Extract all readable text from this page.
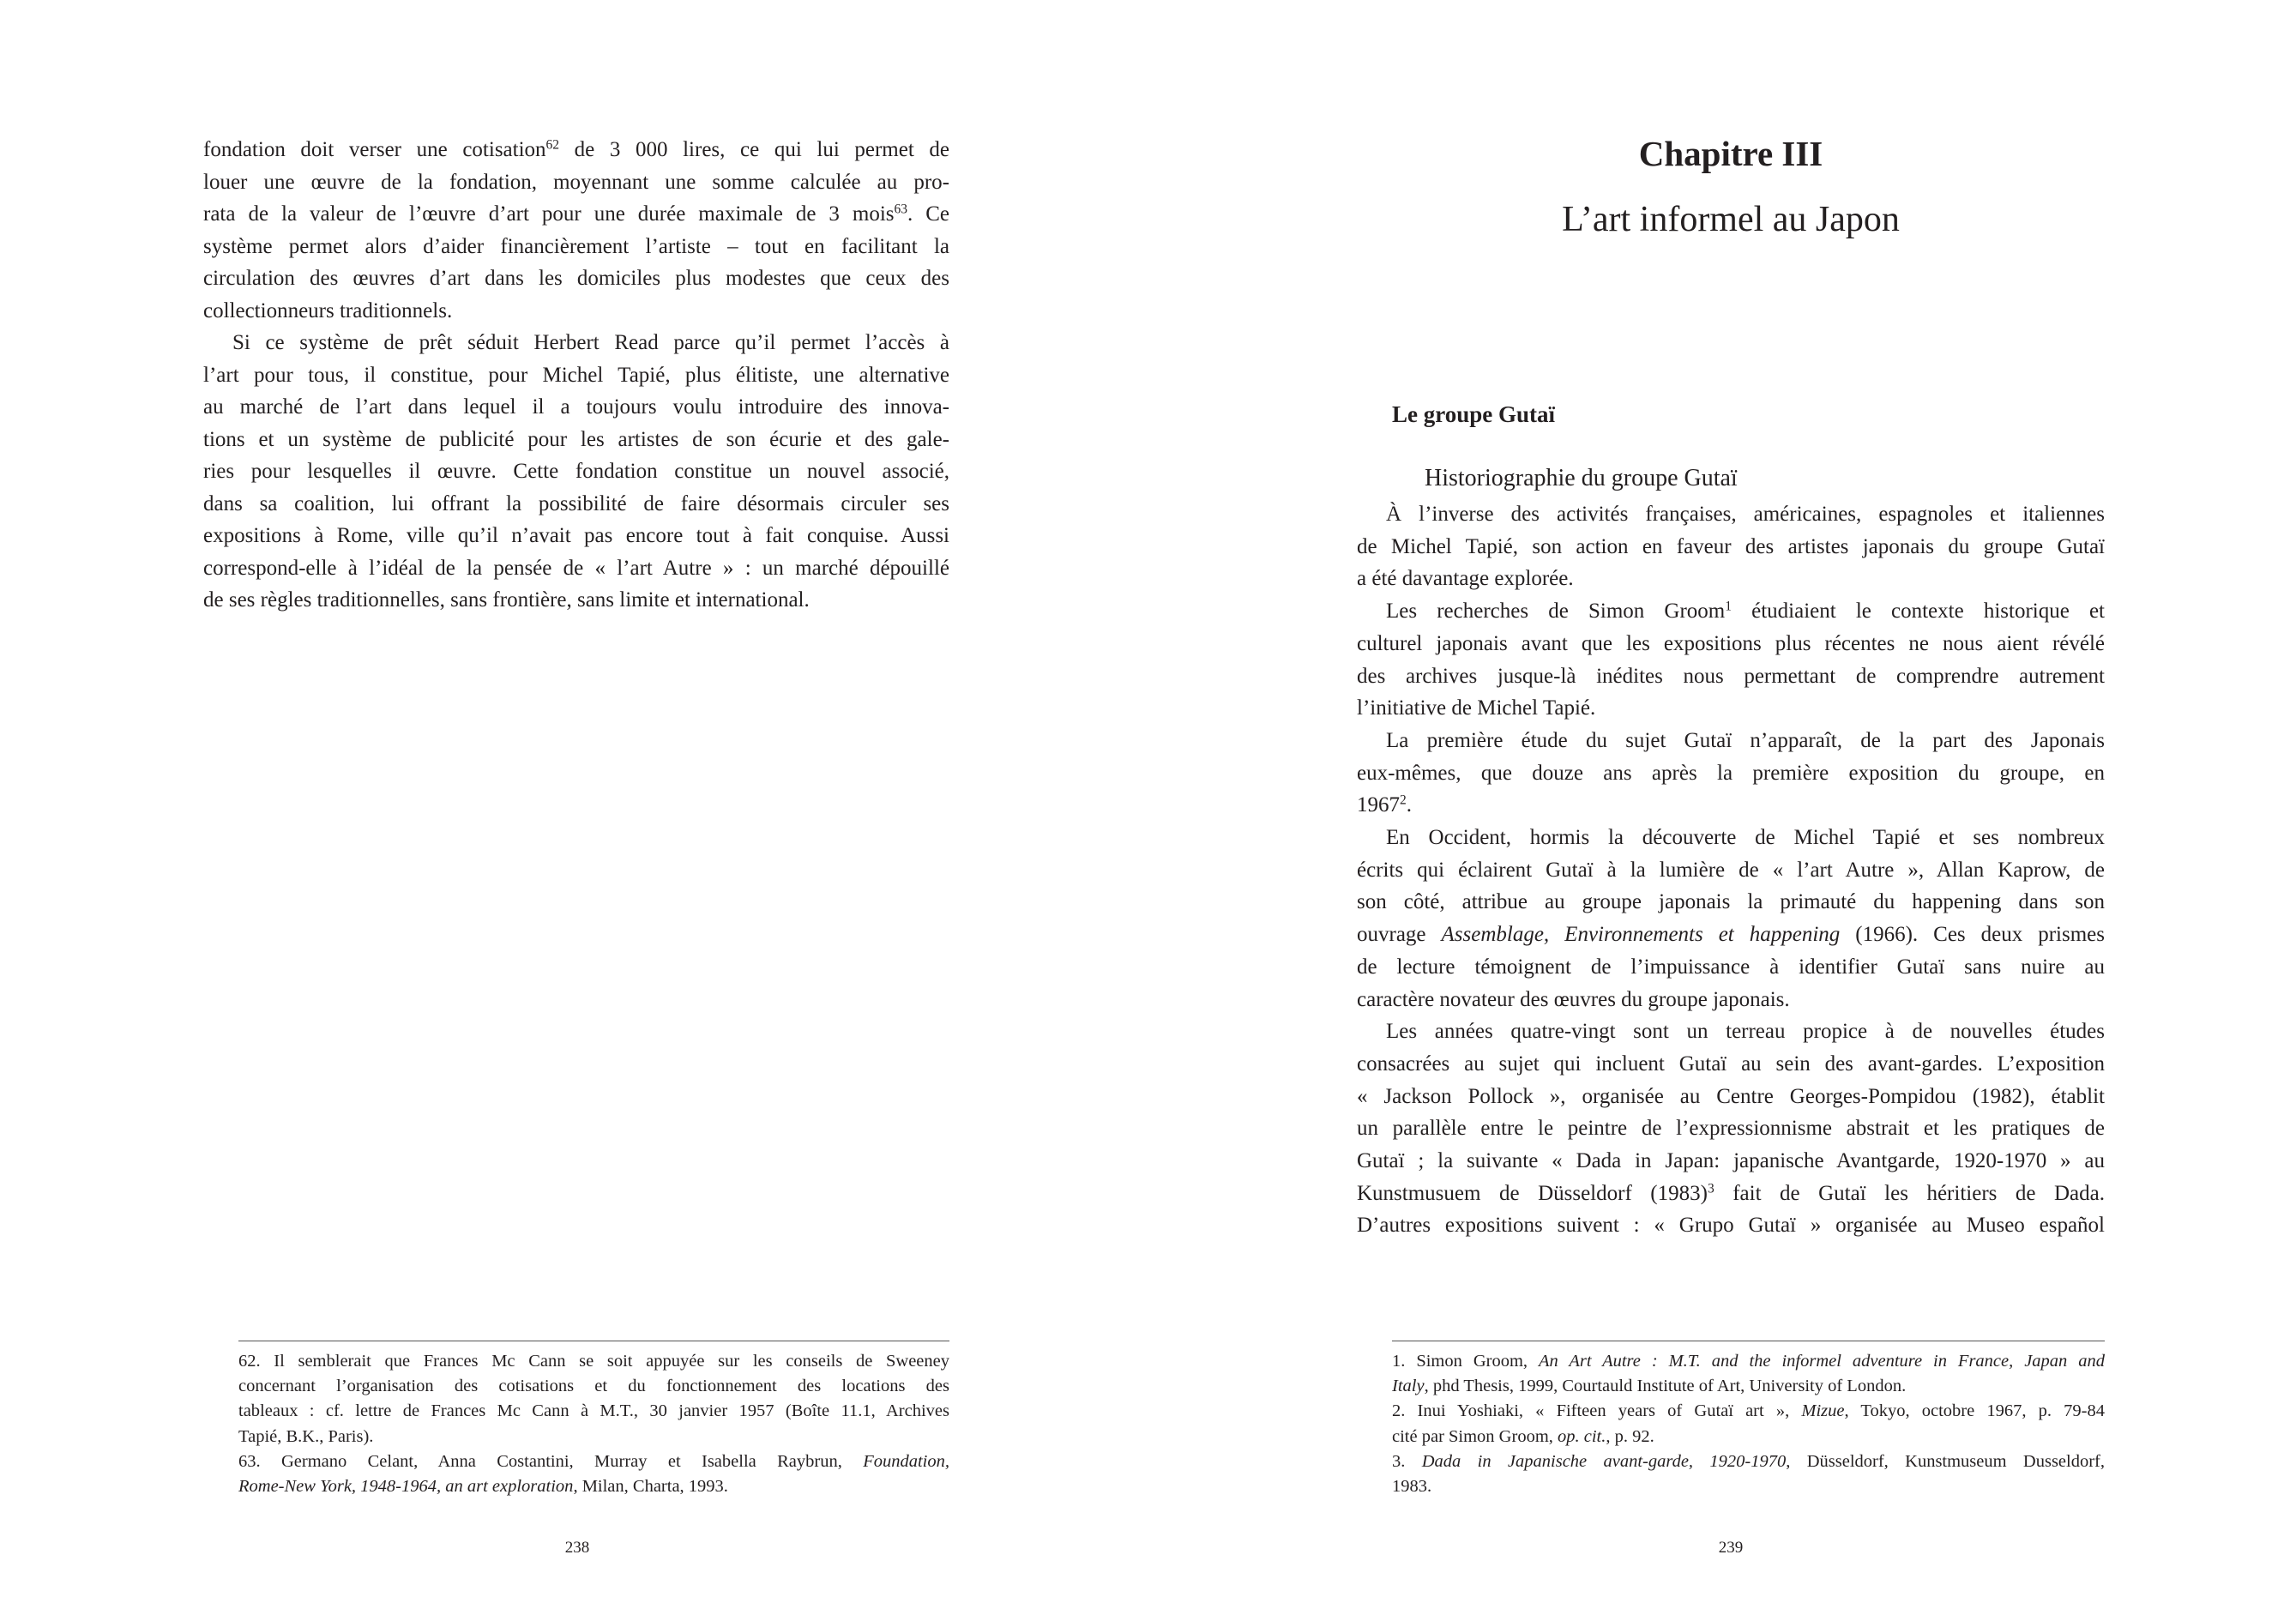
fondation doit verser une cotisation$^{62}$ de 3 000 lires, ce qui lui permet de
louer une œuvre de la fondation, moyennant une somme calculée au pro-
rata de la valeur de l’œuvre d’art pour une durée maximale de 3 mois$^{63}$. Ce
système permet alors d’aider financièrement l’artiste – tout en facilitant la
circulation des œuvres d’art dans les domiciles plus modestes que ceux des
collectionneurs traditionnels.
Si ce système de prêt séduit Herbert Read parce qu’il permet l’accès à
l’art pour tous, il constitue, pour Michel Tapié, plus élitiste, une alternative
au marché de l’art dans lequel il a toujours voulu introduire des innova-
tions et un système de publicité pour les artistes de son écurie et des gale-
ries pour lesquelles il œuvre. Cette fondation constitue un nouvel associé,
dans sa coalition, lui offrant la possibilité de faire désormais circuler ses
expositions à Rome, ville qu’il n’avait pas encore tout à fait conquise. Aussi
correspond-elle à l’idéal de la pensée de « l’art Autre » : un marché dépouillé
de ses règles traditionnelles, sans frontière, sans limite et international.
À l’inverse des activités françaises, américaines, espagnoles et italiennes
de Michel Tapié, son action en faveur des artistes japonais du groupe Gutaï
a été davantage explorée.
Les recherches de Simon Groom$^1$ étudiaient le contexte historique et
culturel japonais avant que les expositions plus récentes ne nous aient révélé
des archives jusque-là inédites nous permettant de comprendre autrement
l’initiative de Michel Tapié.
La première étude du sujet Gutaï n’apparaît, de la part des Japonais
eux-mêmes, que douze ans après la première exposition du groupe, en
1967$^2$.
En Occident, hormis la découverte de Michel Tapié et ses nombreux
écrits qui éclairent Gutaï à la lumière de « l’art Autre », Allan Kaprow, de
son côté, attribue au groupe japonais la primauté du happening dans son
ouvrage Assemblage, Environnements et happening (1966). Ces deux prismes
de lecture témoignent de l’impuissance à identifier Gutaï sans nuire au
caractère novateur des œuvres du groupe japonais.
Les années quatre-vingt sont un terreau propice à de nouvelles études
consacrées au sujet qui incluent Gutaï au sein des avant-gardes. L’exposition
« Jackson Pollock », organisée au Centre Georges-Pompidou (1982), établit
un parallèle entre le peintre de l’expressionnisme abstrait et les pratiques de
Gutaï ; la suivante « Dada in Japan: japanische Avantgarde, 1920-1970 » au
Kunstmusuem de Düsseldorf $(1983)^3$ fait de Gutaï les héritiers de Dada.
D’autres expositions suivent : « Grupo Gutaï » organisée au Museo español
62. Il semblerait que Frances Mc Cann se soit appuyée sur les conseils de Sweeney
concernant l’organisation des cotisations et du fonctionnement des locations des
tableaux : cf. lettre de Frances Mc Cann à M.T., 30 janvier 1957 (Boîte 11.1, Archives
Tapié, B.K., Paris).
63. Germano Celant, Anna Costantini, Murray et Isabella Raybrun, Foundation,
Rome-New York, 1948-1964, an art exploration, Milan, Charta, 1993.
1. Simon Groom, An Art Autre : M.T. and the informel adventure in France, Japan and
Italy, phd Thesis, 1999, Courtauld Institute of Art, University of London.
2. Inui Yoshiaki, « Fifteen years of Gutaï art », Mizue, Tokyo, octobre 1967, p. 79-84
cité par Simon Groom, op. cit., p. 92.
3. Dada in Japanische avant-garde, 1920-1970, Düsseldorf, Kunstmuseum Dusseldorf,
1983.
Chapitre III
L’art informel au Japon
Le groupe Gutaï
Historiographie du groupe Gutaï
238	239
